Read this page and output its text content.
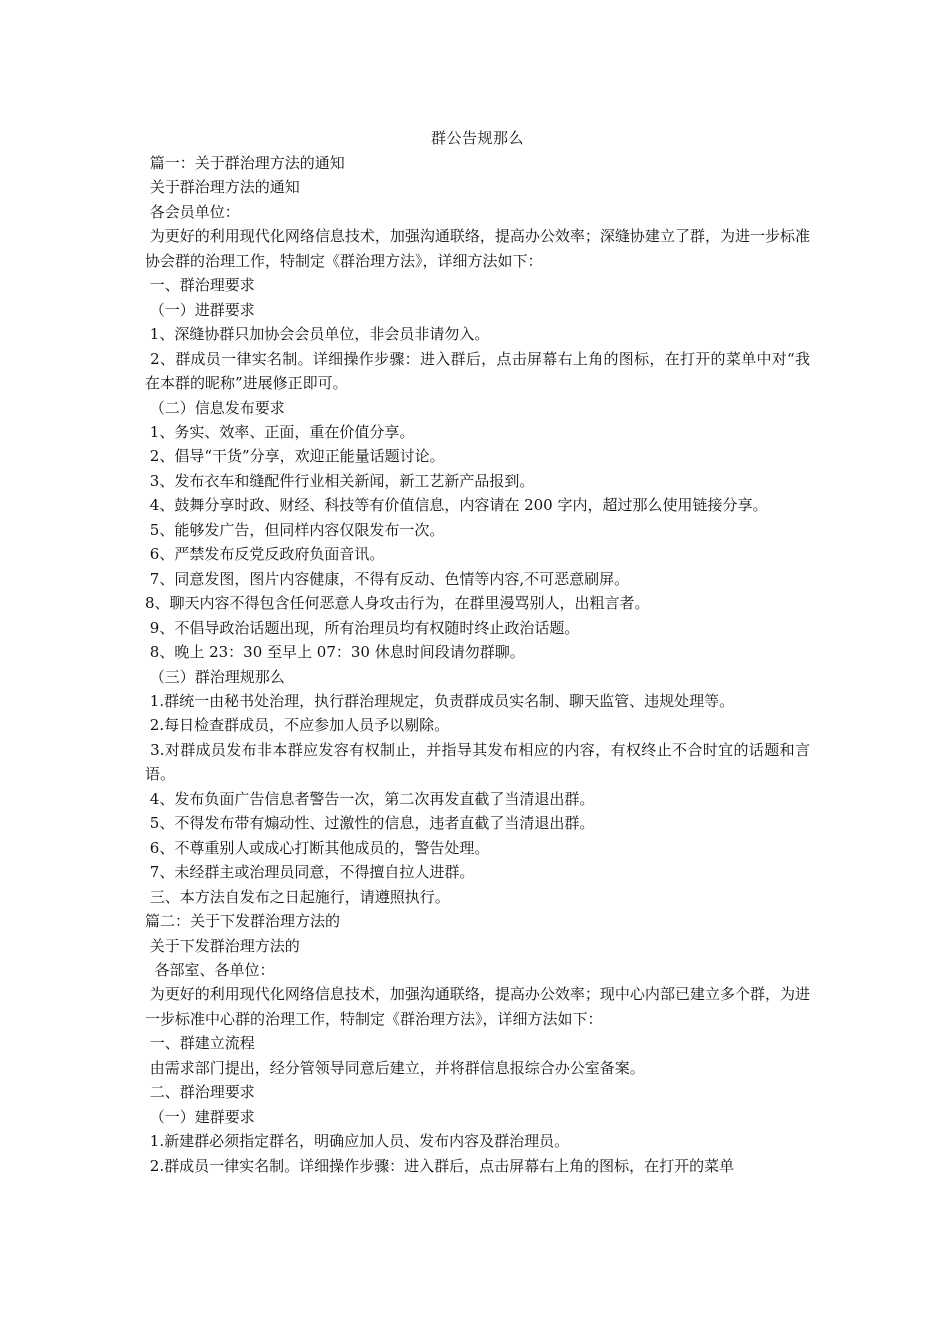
群公告规那么

篇一：关于群治理方法的通知

关于群治理方法的通知

各会员单位：

为更好的利用现代化网络信息技术，加强沟通联络，提高办公效率；深缝协建立了群，为进一步标准协会群的治理工作，特制定《群治理方法》，详细方法如下：

一、群治理要求

（一）进群要求

1、深缝协群只加协会会员单位，非会员非请勿入。

2、群成员一律实名制。详细操作步骤：进入群后，点击屏幕右上角的图标，在打开的菜单中对“我在本群的昵称”进展修正即可。

（二）信息发布要求

1、务实、效率、正面，重在价值分享。

2、倡导“干货”分享，欢迎正能量话题讨论。

3、发布衣车和缝配件行业相关新闻，新工艺新产品报到。

4、鼓舞分享时政、财经、科技等有价值信息，内容请在 200 字内，超过那么使用链接分享。

5、能够发广告，但同样内容仅限发布一次。

6、严禁发布反党反政府负面音讯。

7、同意发图，图片内容健康，不得有反动、色情等内容,不可恶意刷屏。

8、聊天内容不得包含任何恶意人身攻击行为，在群里漫骂别人，出粗言者。

9、不倡导政治话题出现，所有治理员均有权随时终止政治话题。

8、晚上 23：30 至早上 07：30 休息时间段请勿群聊。

（三）群治理规那么

1.群统一由秘书处治理，执行群治理规定，负责群成员实名制、聊天监管、违规处理等。

2.每日检查群成员，不应参加人员予以剔除。

3.对群成员发布非本群应发容有权制止，并指导其发布相应的内容，有权终止不合时宜的话题和言语。

4、发布负面广告信息者警告一次，第二次再发直截了当清退出群。

5、不得发布带有煽动性、过激性的信息，违者直截了当清退出群。

6、不尊重别人或成心打断其他成员的，警告处理。

7、未经群主或治理员同意，不得擅自拉人进群。

三、本方法自发布之日起施行，请遵照执行。

篇二：关于下发群治理方法的

关于下发群治理方法的

各部室、各单位：

为更好的利用现代化网络信息技术，加强沟通联络，提高办公效率；现中心内部已建立多个群，为进一步标准中心群的治理工作，特制定《群治理方法》，详细方法如下：

一、群建立流程

由需求部门提出，经分管领导同意后建立，并将群信息报综合办公室备案。

二、群治理要求

（一）建群要求

1.新建群必须指定群名，明确应加人员、发布内容及群治理员。

2.群成员一律实名制。详细操作步骤：进入群后，点击屏幕右上角的图标，在打开的菜单
